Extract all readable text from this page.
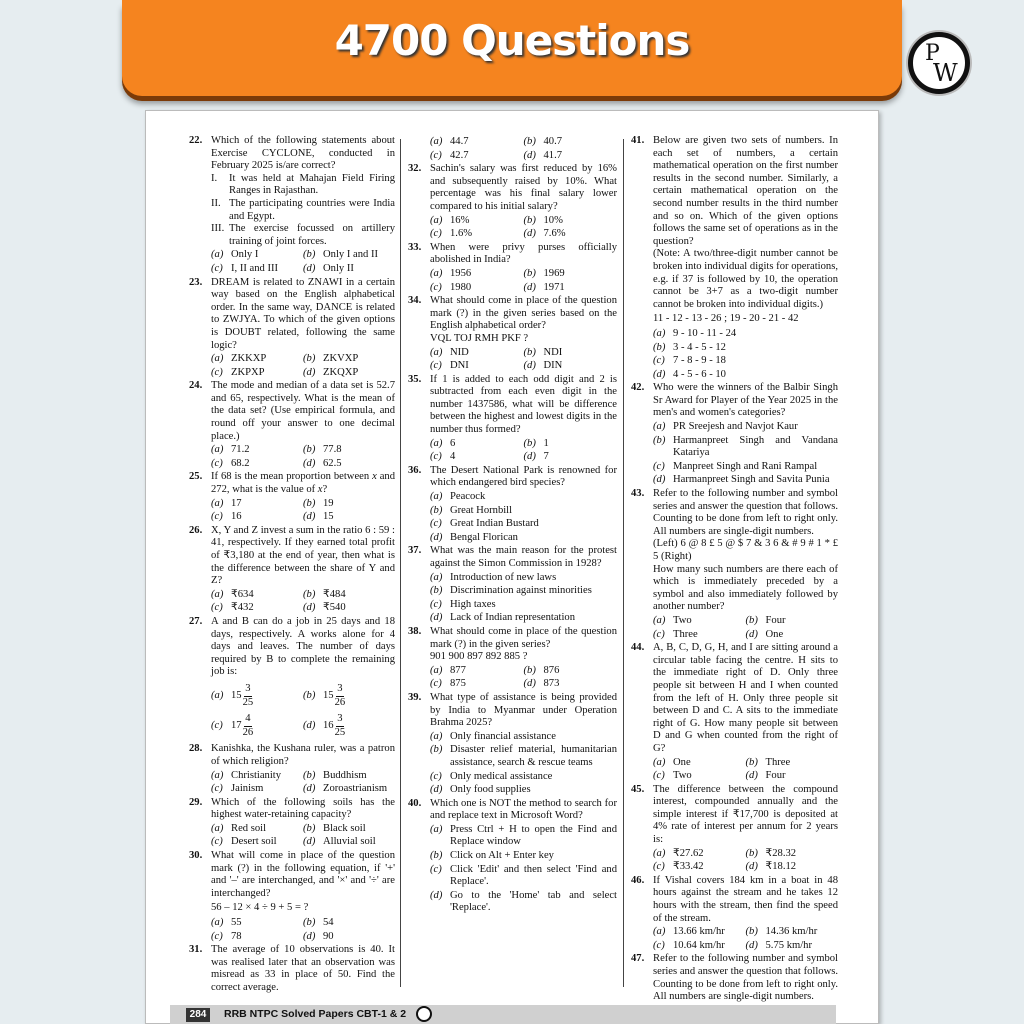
4700 Questions	P
W
22. Which of the following statements about Exercise CYCLONE, conducted in February 2025 is/are correct?
I. It was held at Mahajan Field Firing Ranges in Rajasthan.
II. The participating countries were India and Egypt.
III. The exercise focussed on artillery training of joint forces.
(a) Only I	(b) Only I and II
(c) I, II and III (d) Only II
23. DREAM is related to ZNAWI in a certain way based on the English alphabetical order. In the same way, DANCE is related to ZWJYA. To which of the given options is DOUBT related, following the same logic?
(a) ZKKXP	(b) ZKVXP
(c) ZKPXP	(d) ZKQXP
24. The mode and median of a data set is 52.7 and 65, respectively. What is the mean of the data set? (Use empirical formula, and round off your answer to one decimal place.)
(a) 71.2	(b) 77.8
(c) 68.2	(d) 62.5
25. If 68 is the mean proportion between x and 272, what is the value of x?
(a) 17	(b) 19
(c) 16	(d) 15
26. X, Y and Z invest a sum in the ratio 6 : 59 : 41, respectively. If they earned total profit of ₹3,180 at the end of year, then what is the difference between the share of Y and Z?
(a) ₹634	(b) ₹484
(c) ₹432	(d) ₹540
27. A and B can do a job in 25 days and 18 days, respectively. A works alone for 4 days and leaves. The number of days required by B to complete the remaining job is:
(a) $15 \frac{3}{25}$	(b) $15 \frac{3}{26}$
(c) $17 \frac{4}{26}$	(d) $16 \frac{3}{25}$
28. Kanishka, the Kushana ruler, was a patron of which religion?
(a) Christianity (b) Buddhism
(c) Jainism	(d) Zoroastrianism
29. Which of the following soils has the highest water-retaining capacity?
(a) Red soil	(b) Black soil
(c) Desert soil (d) Alluvial soil
30. What will come in place of the question mark (?) in the following equation, if '+' and '–' are interchanged, and '×' and '÷' are interchanged?
56 – 12 × 4 ÷ 9 + 5 = ?
(a) 55	(b) 54
(c) 78	(d) 90
31. The average of 10 observations is 40. It was realised later that an observation was misread as 33 in place of 50. Find the correct average.
(a) 44.7	(b) 40.7
(c) 42.7	(d) 41.7
32. Sachin's salary was first reduced by 16% and subsequently raised by 10%. What percentage was his final salary lower compared to his initial salary?
(a) 16%	(b) 10%
(c) 1.6%	(d) 7.6%
33. When were privy purses officially abolished in India?
(a) 1956	(b) 1969
(c) 1980	(d) 1971
34. What should come in place of the question mark (?) in the given series based on the English alphabetical order?
VQL TOJ RMH PKF ?
(a) NID	(b) NDI
(c) DNI	(d) DIN
35. If 1 is added to each odd digit and 2 is subtracted from each even digit in the number 1437586, what will be difference between the highest and lowest digits in the number thus formed?
(a) 6	(b) 1
(c) 4	(d) 7
36. The Desert National Park is renowned for which endangered bird species?
(a) Peacock
(b) Great Hornbill
(c) Great Indian Bustard
(d) Bengal Florican
37. What was the main reason for the protest against the Simon Commission in 1928?
(a) Introduction of new laws
(b) Discrimination against minorities
(c) High taxes
(d) Lack of Indian representation
38. What should come in place of the question mark (?) in the given series?
901 900 897 892 885 ?
(a) 877	(b) 876
(c) 875	(d) 873
39. What type of assistance is being provided by India to Myanmar under Operation Brahma 2025?
(a) Only financial assistance
(b) Disaster relief material, humanitarian assistance, search & rescue teams
(c) Only medical assistance
(d) Only food supplies
40. Which one is NOT the method to search for and replace text in Microsoft Word?
(a) Press Ctrl + H to open the Find and Replace window
(b) Click on Alt + Enter key
(c) Click 'Edit' and then select 'Find and Replace'.
(d) Go to the 'Home' tab and select 'Replace'.
41. Below are given two sets of numbers. In each set of numbers, a certain mathematical operation on the first number results in the second number. Similarly, a certain mathematical operation on the second number results in the third number and so on. Which of the given options follows the same set of operations as in the question?
(Note: A two/three-digit number cannot be broken into individual digits for operations, e.g. if 37 is followed by 10, the operation cannot be 3+7 as a two-digit number cannot be broken into individual digits.)
11 - 12 - 13 - 26 ; 19 - 20 - 21 - 42
(a) 9 - 10 - 11 - 24
(b) 3 - 4 - 5 - 12
(c) 7 - 8 - 9 - 18
(d) 4 - 5 - 6 - 10
42. Who were the winners of the Balbir Singh Sr Award for Player of the Year 2025 in the men's and women's categories?
(a) PR Sreejesh and Navjot Kaur
(b) Harmanpreet Singh and Vandana Katariya
(c) Manpreet Singh and Rani Rampal
(d) Harmanpreet Singh and Savita Punia
43. Refer to the following number and symbol series and answer the question that follows. Counting to be done from left to right only. All numbers are single-digit numbers.
(Left) 6 @ 8 £ 5 @ $ 7 & 3 6 & # 9 # 1 * £ 5 (Right)
How many such numbers are there each of which is immediately preceded by a symbol and also immediately followed by another number?
(a) Two	(b) Four
(c) Three	(d) One
44. A, B, C, D, G, H, and I are sitting around a circular table facing the centre. H sits to the immediate right of D. Only three people sit between H and I when counted from the left of H. Only three people sit between D and C. A sits to the immediate right of G. How many people sit between D and G when counted from the right of G?
(a) One	(b) Three
(c) Two	(d) Four
45. The difference between the compound interest, compounded annually and the simple interest if ₹17,700 is deposited at 4% rate of interest per annum for 2 years is:
(a) ₹27.62	(b) ₹28.32
(c) ₹33.42	(d) ₹18.12
46. If Vishal covers 184 km in a boat in 48 hours against the stream and he takes 12 hours with the stream, then find the speed of the stream.
(a) 13.66 km/hr (b) 14.36 km/hr
(c) 10.64 km/hr (d) 5.75 km/hr
47. Refer to the following number and symbol series and answer the question that follows. Counting to be done from left to right only. All numbers are single-digit numbers.
284	RRB NTPC Solved Papers CBT-1 & 2
